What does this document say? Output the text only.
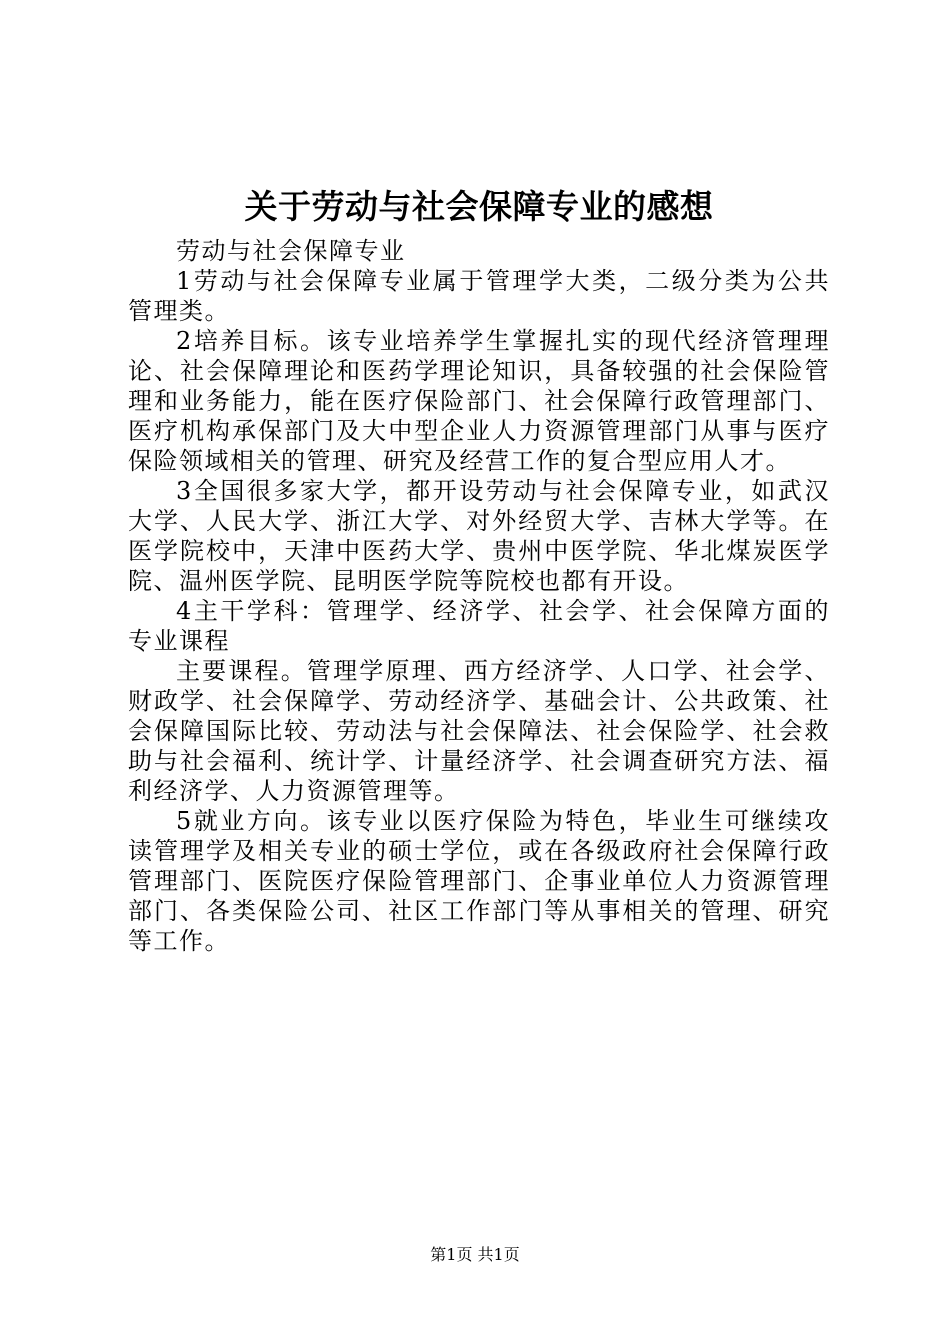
关于劳动与社会保障专业的感想

劳动与社会保障专业

1劳动与社会保障专业属于管理学大类，二级分类为公共管理类。

2培养目标。该专业培养学生掌握扎实的现代经济管理理论、社会保障理论和医药学理论知识，具备较强的社会保险管理和业务能力，能在医疗保险部门、社会保障行政管理部门、医疗机构承保部门及大中型企业人力资源管理部门从事与医疗保险领域相关的管理、研究及经营工作的复合型应用人才。

3全国很多家大学，都开设劳动与社会保障专业，如武汉大学、人民大学、浙江大学、对外经贸大学、吉林大学等。在医学院校中，天津中医药大学、贵州中医学院、华北煤炭医学院、温州医学院、昆明医学院等院校也都有开设。

4主干学科：管理学、经济学、社会学、社会保障方面的专业课程

主要课程。管理学原理、西方经济学、人口学、社会学、财政学、社会保障学、劳动经济学、基础会计、公共政策、社会保障国际比较、劳动法与社会保障法、社会保险学、社会救助与社会福利、统计学、计量经济学、社会调查研究方法、福利经济学、人力资源管理等。

5就业方向。该专业以医疗保险为特色，毕业生可继续攻读管理学及相关专业的硕士学位，或在各级政府社会保障行政管理部门、医院医疗保险管理部门、企事业单位人力资源管理部门、各类保险公司、社区工作部门等从事相关的管理、研究等工作。

第1页 共1页
